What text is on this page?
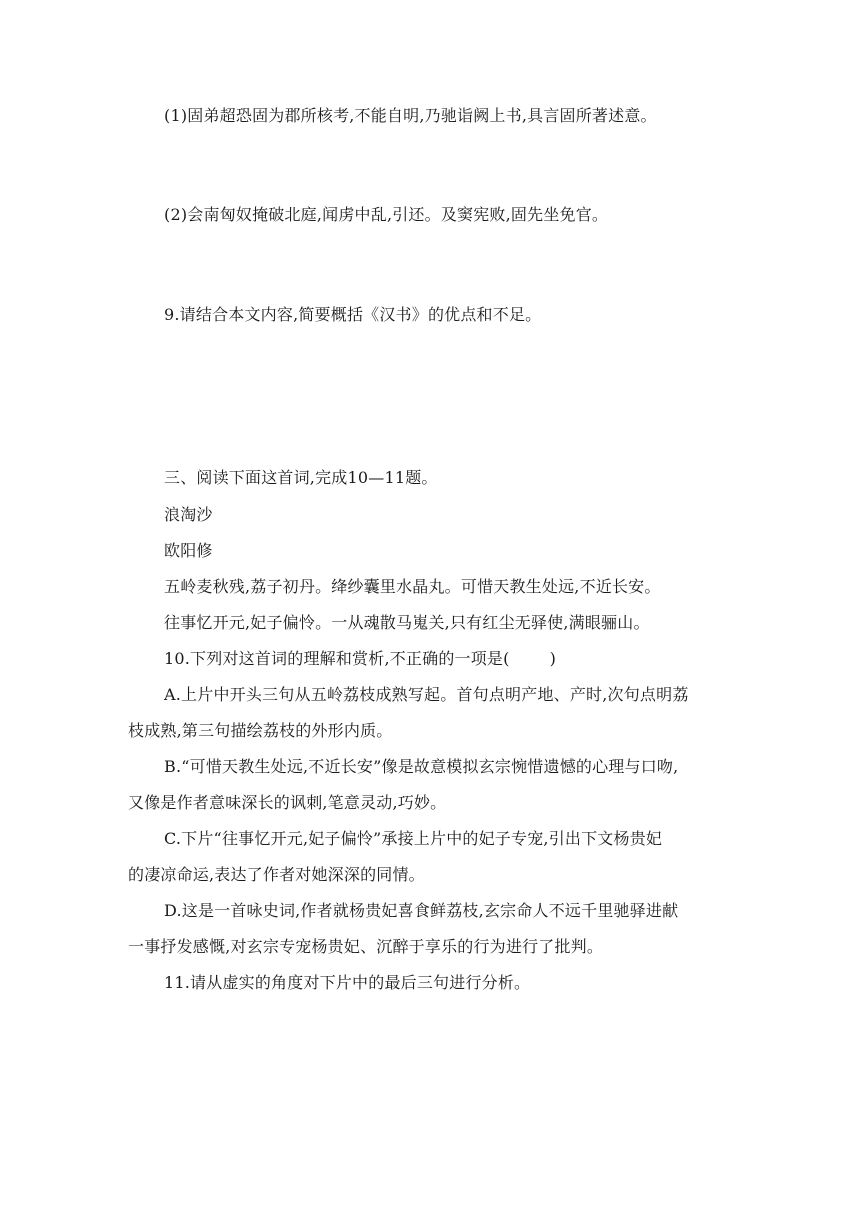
(1)固弟超恐固为郡所核考,不能自明,乃驰诣阙上书,具言固所著述意。
(2)会南匈奴掩破北庭,闻虏中乱,引还。及窦宪败,固先坐免官。
9.请结合本文内容,简要概括《汉书》的优点和不足。
三、阅读下面这首词,完成10—11题。
浪淘沙
欧阳修
五岭麦秋残,荔子初丹。绛纱囊里水晶丸。可惜天教生处远,不近长安。
往事忆开元,妃子偏怜。一从魂散马嵬关,只有红尘无驿使,满眼骊山。
10.下列对这首词的理解和赏析,不正确的一项是(	)
A.上片中开头三句从五岭荔枝成熟写起。首句点明产地、产时,次句点明荔
枝成熟,第三句描绘荔枝的外形内质。
B.“可惜天教生处远,不近长安”像是故意模拟玄宗惋惜遗憾的心理与口吻,
又像是作者意味深长的讽刺,笔意灵动,巧妙。
C.下片“往事忆开元,妃子偏怜”承接上片中的妃子专宠,引出下文杨贵妃
的凄凉命运,表达了作者对她深深的同情。
D.这是一首咏史词,作者就杨贵妃喜食鲜荔枝,玄宗命人不远千里驰驿进献
一事抒发感慨,对玄宗专宠杨贵妃、沉醉于享乐的行为进行了批判。
11.请从虚实的角度对下片中的最后三句进行分析。
